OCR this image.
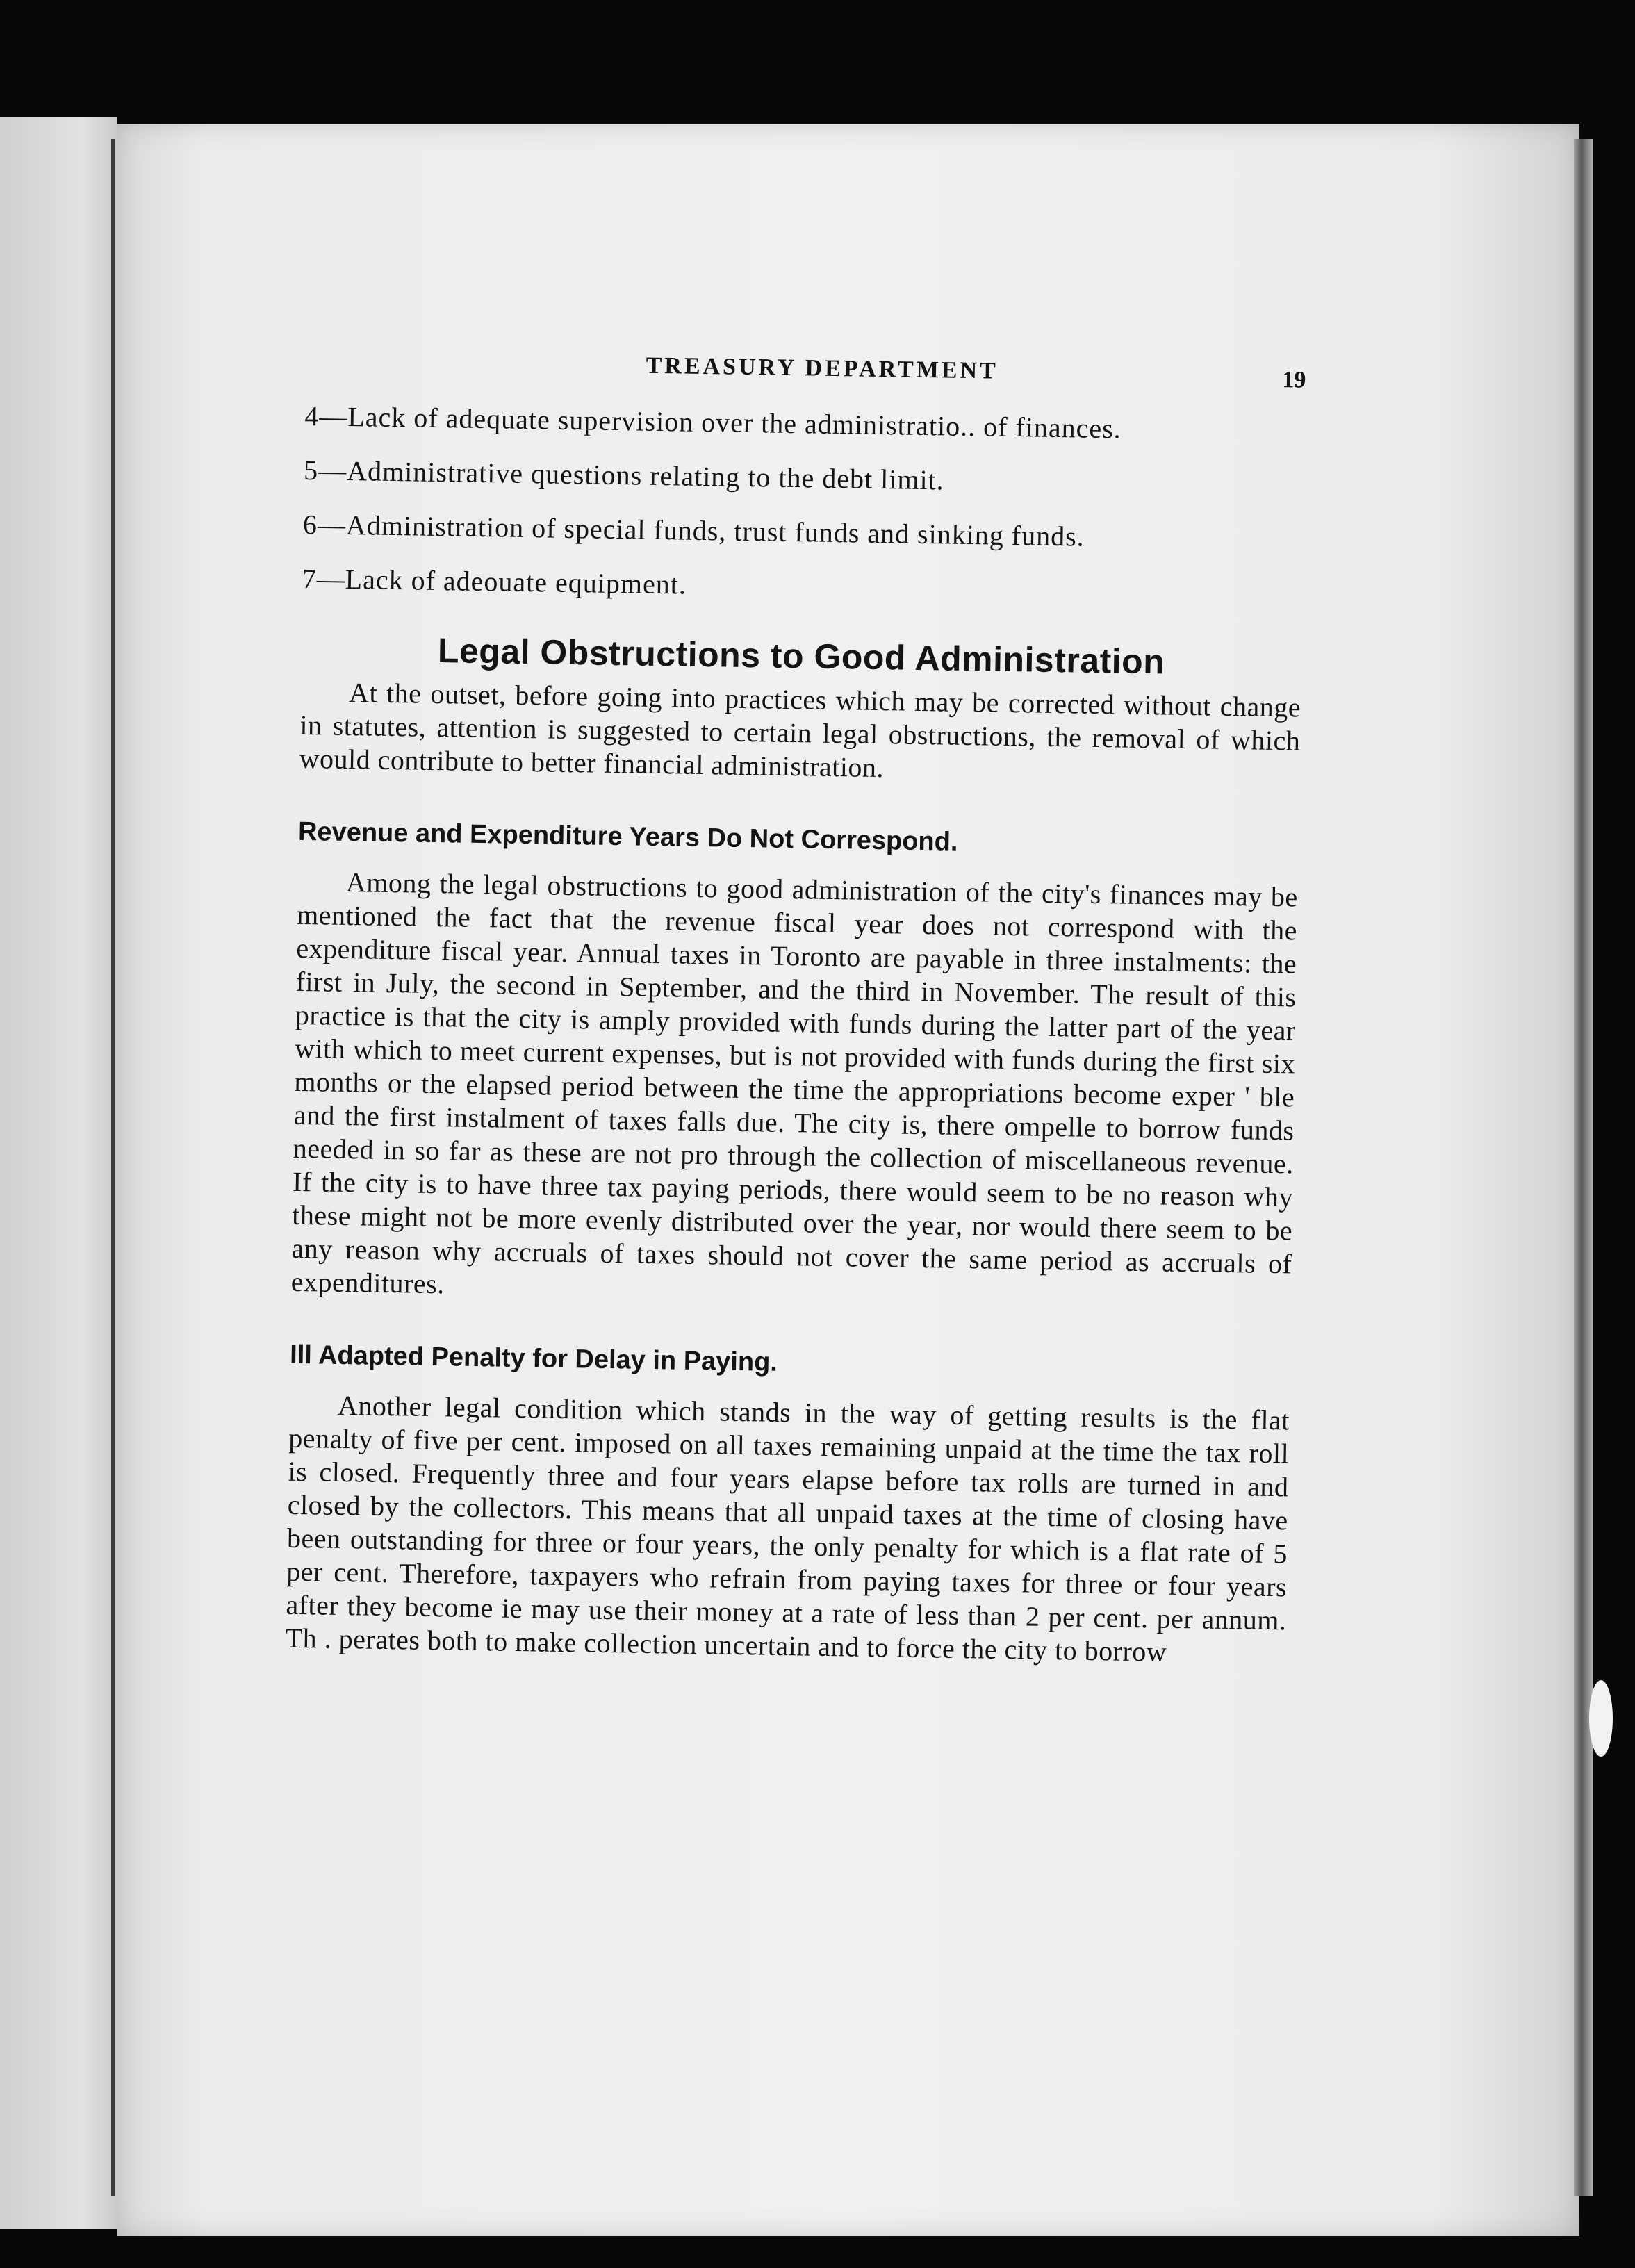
TREASURY DEPARTMENT	19
4—Lack of adequate supervision over the administratio.. of finances.
5—Administrative questions relating to the debt limit.
6—Administration of special funds, trust funds and sinking funds.
7—Lack of adeouate equipment.
Legal Obstructions to Good Administration

At the outset, before going into practices which may be corrected without change in statutes, attention is suggested to certain legal obstructions, the removal of which would contribute to better financial administration.

Revenue and Expenditure Years Do Not Correspond.

Among the legal obstructions to good administration of the city's finances may be mentioned the fact that the revenue fiscal year does not correspond with the expenditure fiscal year. Annual taxes in Toronto are payable in three instalments: the first in July, the second in September, and the third in November. The result of this practice is that the city is amply provided with funds during the latter part of the year with which to meet current expenses, but is not provided with funds during the first six months or the elapsed period between the time the appropriations become exper ' ble and the first instalment of taxes falls due. The city is, there ompelle to borrow funds needed in so far as these are not pro through the collection of miscellaneous revenue. If the city is to have three tax paying periods, there would seem to be no reason why these might not be more evenly distributed over the year, nor would there seem to be any reason why accruals of taxes should not cover the same period as accruals of expenditures.

Ill Adapted Penalty for Delay in Paying.

Another legal condition which stands in the way of getting results is the flat penalty of five per cent. imposed on all taxes remaining unpaid at the time the tax roll is closed. Frequently three and four years elapse before tax rolls are turned in and closed by the collectors. This means that all unpaid taxes at the time of closing have been outstanding for three or four years, the only penalty for which is a flat rate of 5 per cent. Therefore, taxpayers who refrain from paying taxes for three or four years after they become ie may use their money at a rate of less than 2 per cent. per annum. Th . perates both to make collection uncertain and to force the city to borrow
